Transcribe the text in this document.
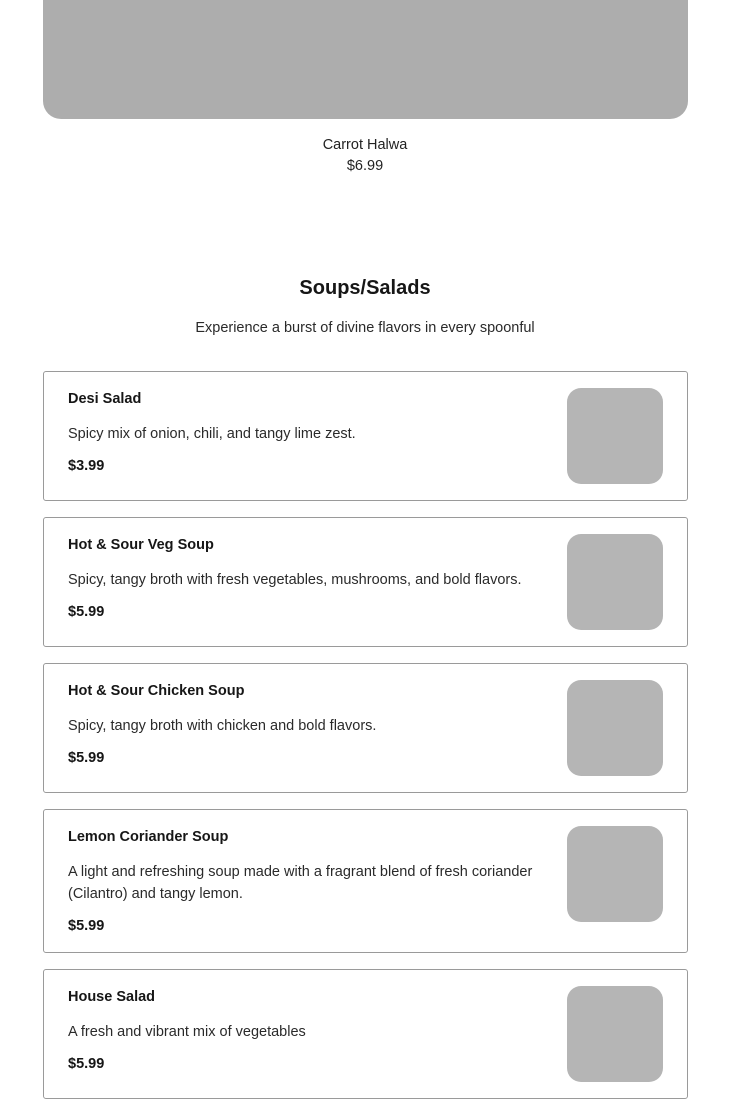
Carrot Halwa
$6.99
Soups/Salads
Experience a burst of divine flavors in every spoonful
Desi Salad
Spicy mix of onion, chili, and tangy lime zest.
$3.99
Hot & Sour Veg Soup
Spicy, tangy broth with fresh vegetables, mushrooms, and bold flavors.
$5.99
Hot & Sour Chicken Soup
Spicy, tangy broth with chicken and bold flavors.
$5.99
Lemon Coriander Soup
A light and refreshing soup made with a fragrant blend of fresh coriander (Cilantro) and tangy lemon.
$5.99
House Salad
A fresh and vibrant mix of vegetables
$5.99
